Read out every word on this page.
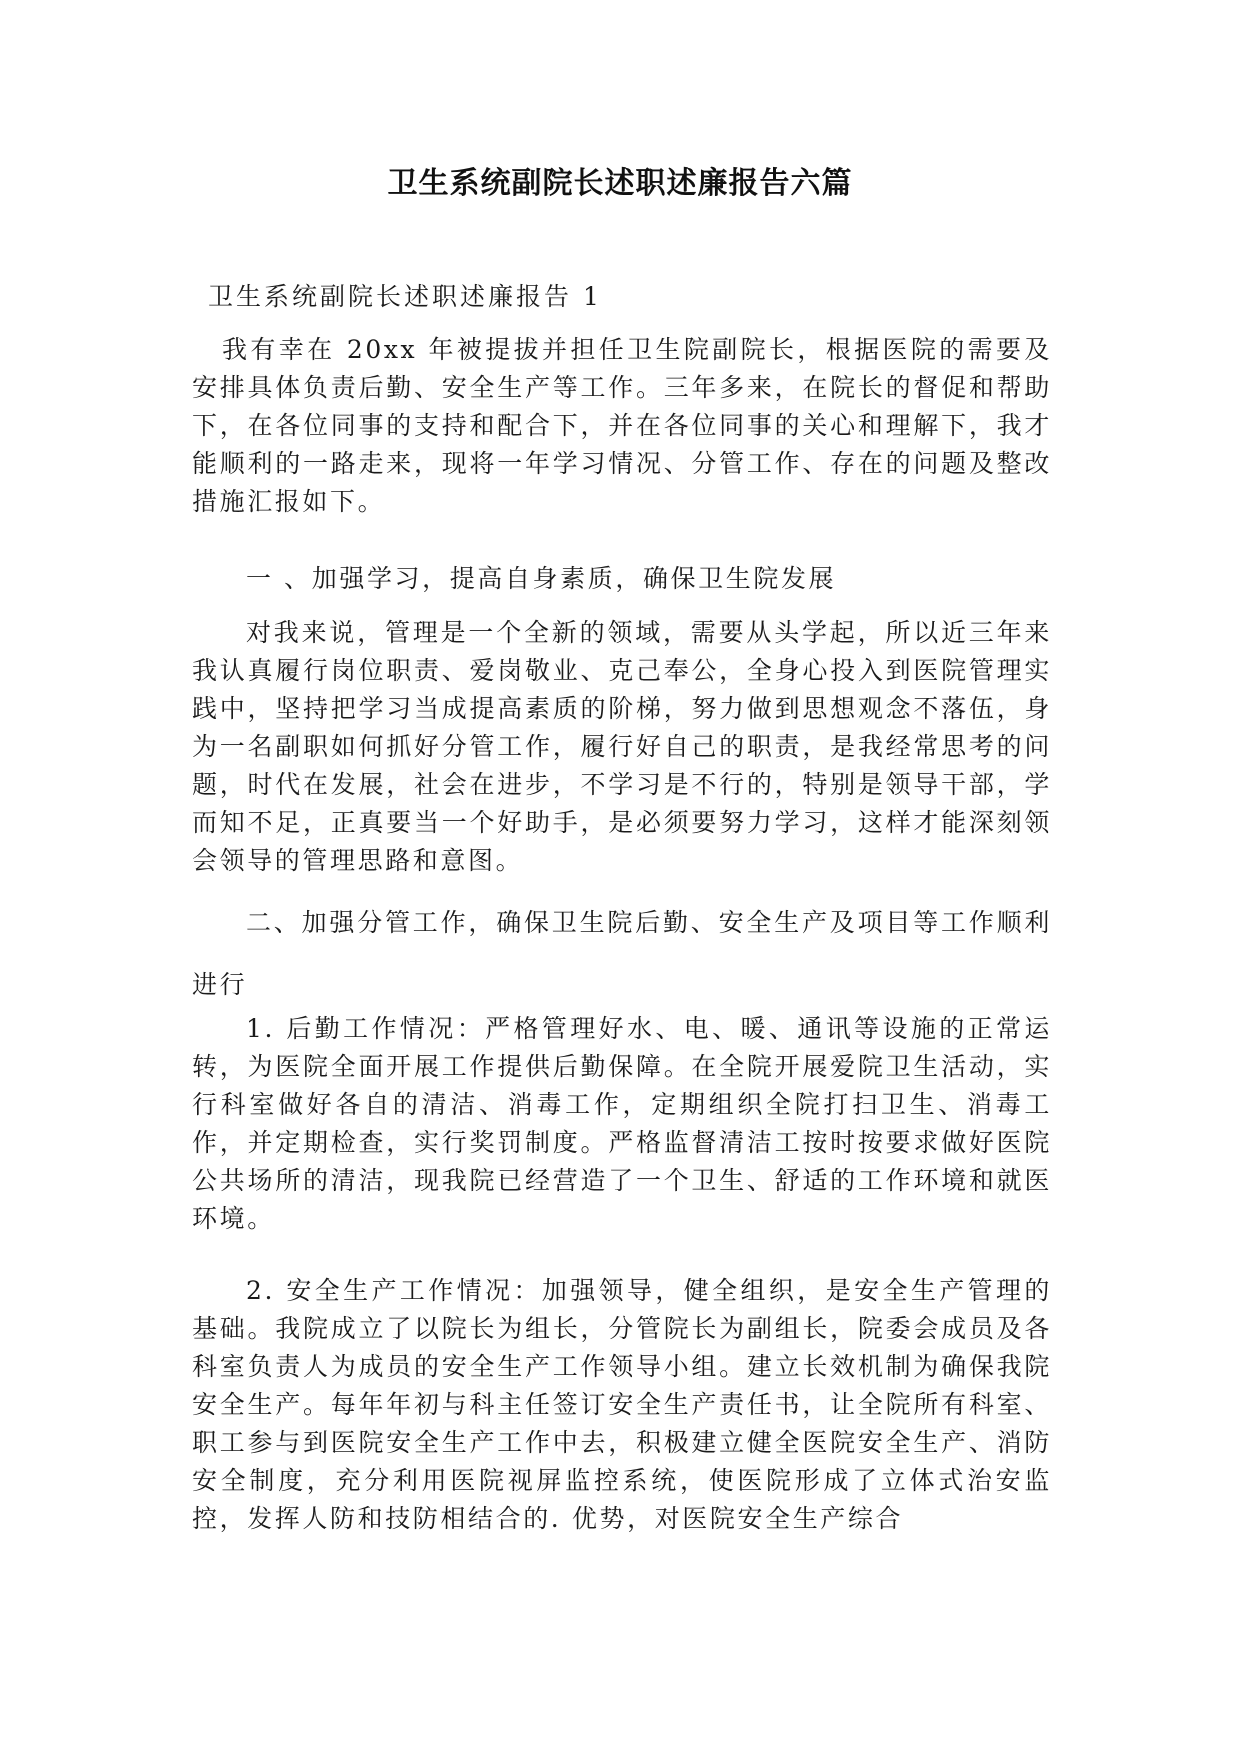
卫生系统副院长述职述廉报告六篇
卫生系统副院长述职述廉报告 1
我有幸在 20xx 年被提拔并担任卫生院副院长，根据医院的需要及安排具体负责后勤、安全生产等工作。三年多来，在院长的督促和帮助下，在各位同事的支持和配合下，并在各位同事的关心和理解下，我才能顺利的一路走来，现将一年学习情况、分管工作、存在的问题及整改措施汇报如下。
一 、加强学习，提高自身素质，确保卫生院发展
对我来说，管理是一个全新的领域，需要从头学起，所以近三年来我认真履行岗位职责、爱岗敬业、克己奉公，全身心投入到医院管理实践中，坚持把学习当成提高素质的阶梯，努力做到思想观念不落伍，身为一名副职如何抓好分管工作，履行好自己的职责，是我经常思考的问题，时代在发展，社会在进步，不学习是不行的，特别是领导干部，学而知不足，正真要当一个好助手，是必须要努力学习，这样才能深刻领会领导的管理思路和意图。
二、加强分管工作，确保卫生院后勤、安全生产及项目等工作顺利进行
1. 后勤工作情况：严格管理好水、电、暖、通讯等设施的正常运转，为医院全面开展工作提供后勤保障。在全院开展爱院卫生活动，实行科室做好各自的清洁、消毒工作，定期组织全院打扫卫生、消毒工作，并定期检查，实行奖罚制度。严格监督清洁工按时按要求做好医院公共场所的清洁，现我院已经营造了一个卫生、舒适的工作环境和就医环境。
2. 安全生产工作情况：加强领导，健全组织，是安全生产管理的基础。我院成立了以院长为组长，分管院长为副组长，院委会成员及各科室负责人为成员的安全生产工作领导小组。建立长效机制为确保我院安全生产。每年年初与科主任签订安全生产责任书，让全院所有科室、职工参与到医院安全生产工作中去，积极建立健全医院安全生产、消防安全制度，充分利用医院视屏监控系统，使医院形成了立体式治安监控，发挥人防和技防相结合的. 优势，对医院安全生产综合
